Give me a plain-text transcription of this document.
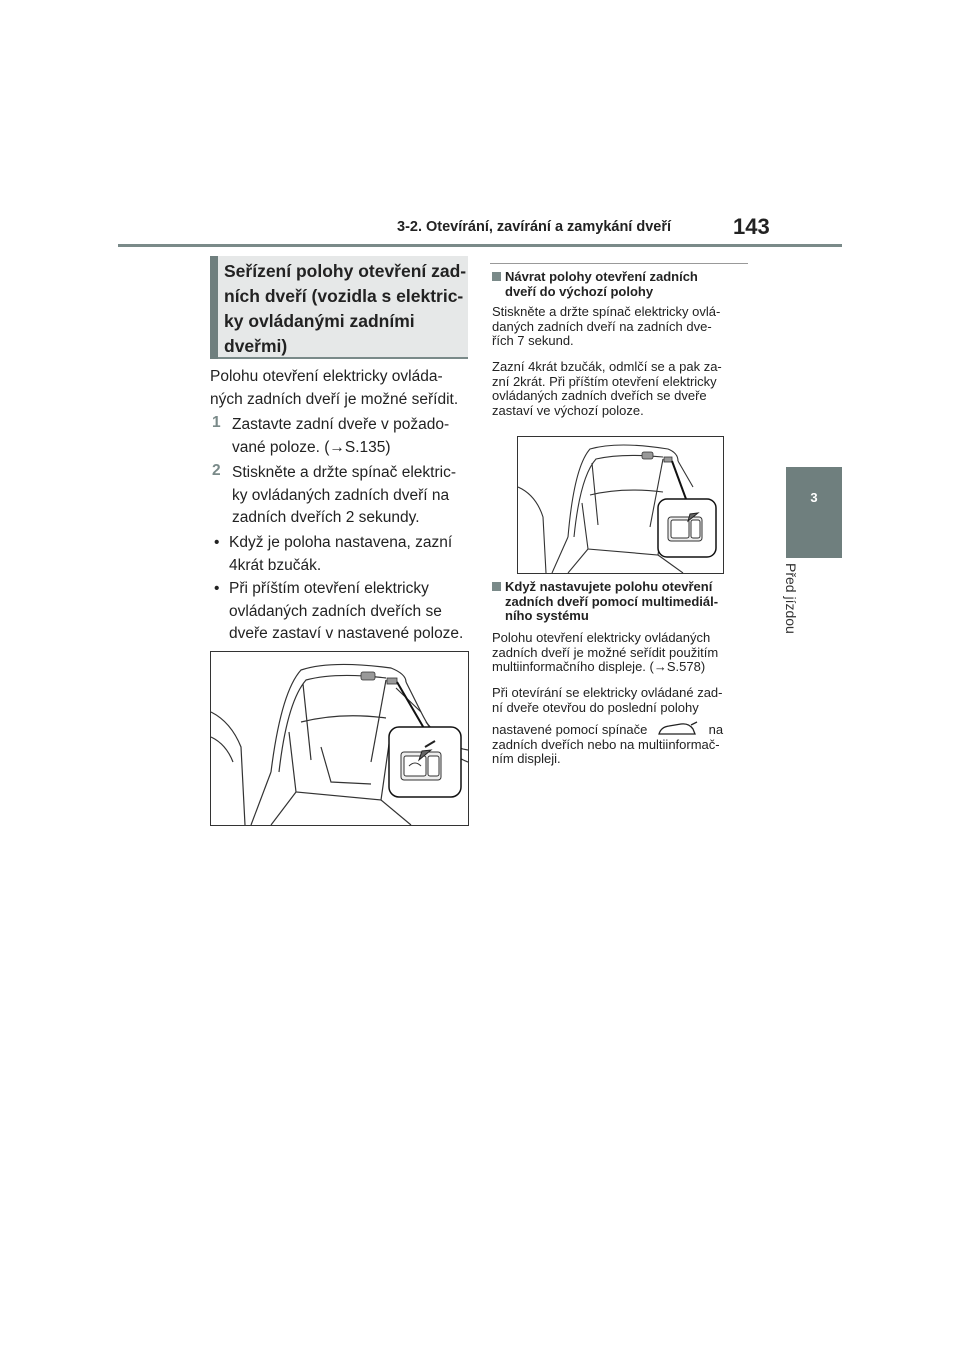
3-2. Otevírání, zavírání a zamykání dveří	143
3
Před jízdou
Seřízení polohy otevření zad-
ních dveří (vozidla s elektric-
ky ovládanými zadními
dveřmi)
Polohu otevření elektricky ovláda-
ných zadních dveří je možné seřídit.
1 Zastavte zadní dveře v požado-
vané poloze. (→S.135)
2 Stiskněte a držte spínač elektric-
ky ovládaných zadních dveří na
zadních dveřích 2 sekundy.
• Když je poloha nastavena, zazní
4krát bzučák.
• Při příštím otevření elektricky
ovládaných zadních dveřích se
dveře zastaví v nastavené poloze.
Návrat polohy otevření zadních
dveří do výchozí polohy
Stiskněte a držte spínač elektricky ovlá-
daných zadních dveří na zadních dve-
řích 7 sekund.
Zazní 4krát bzučák, odmlčí se a pak za-
zní 2krát. Při příštím otevření elektricky
ovládaných zadních dveřích se dveře
zastaví ve výchozí poloze.
Když nastavujete polohu otevření
zadních dveří pomocí multimediál-
ního systému
Polohu otevření elektricky ovládaných
zadních dveří je možné seřídit použitím
multiinformačního displeje. (→S.578)
Při otevírání se elektricky ovládané zad-
ní dveře otevřou do poslední polohy
nastavené pomocí spínače	na
zadních dveřích nebo na multiinformač-
ním displeji.
